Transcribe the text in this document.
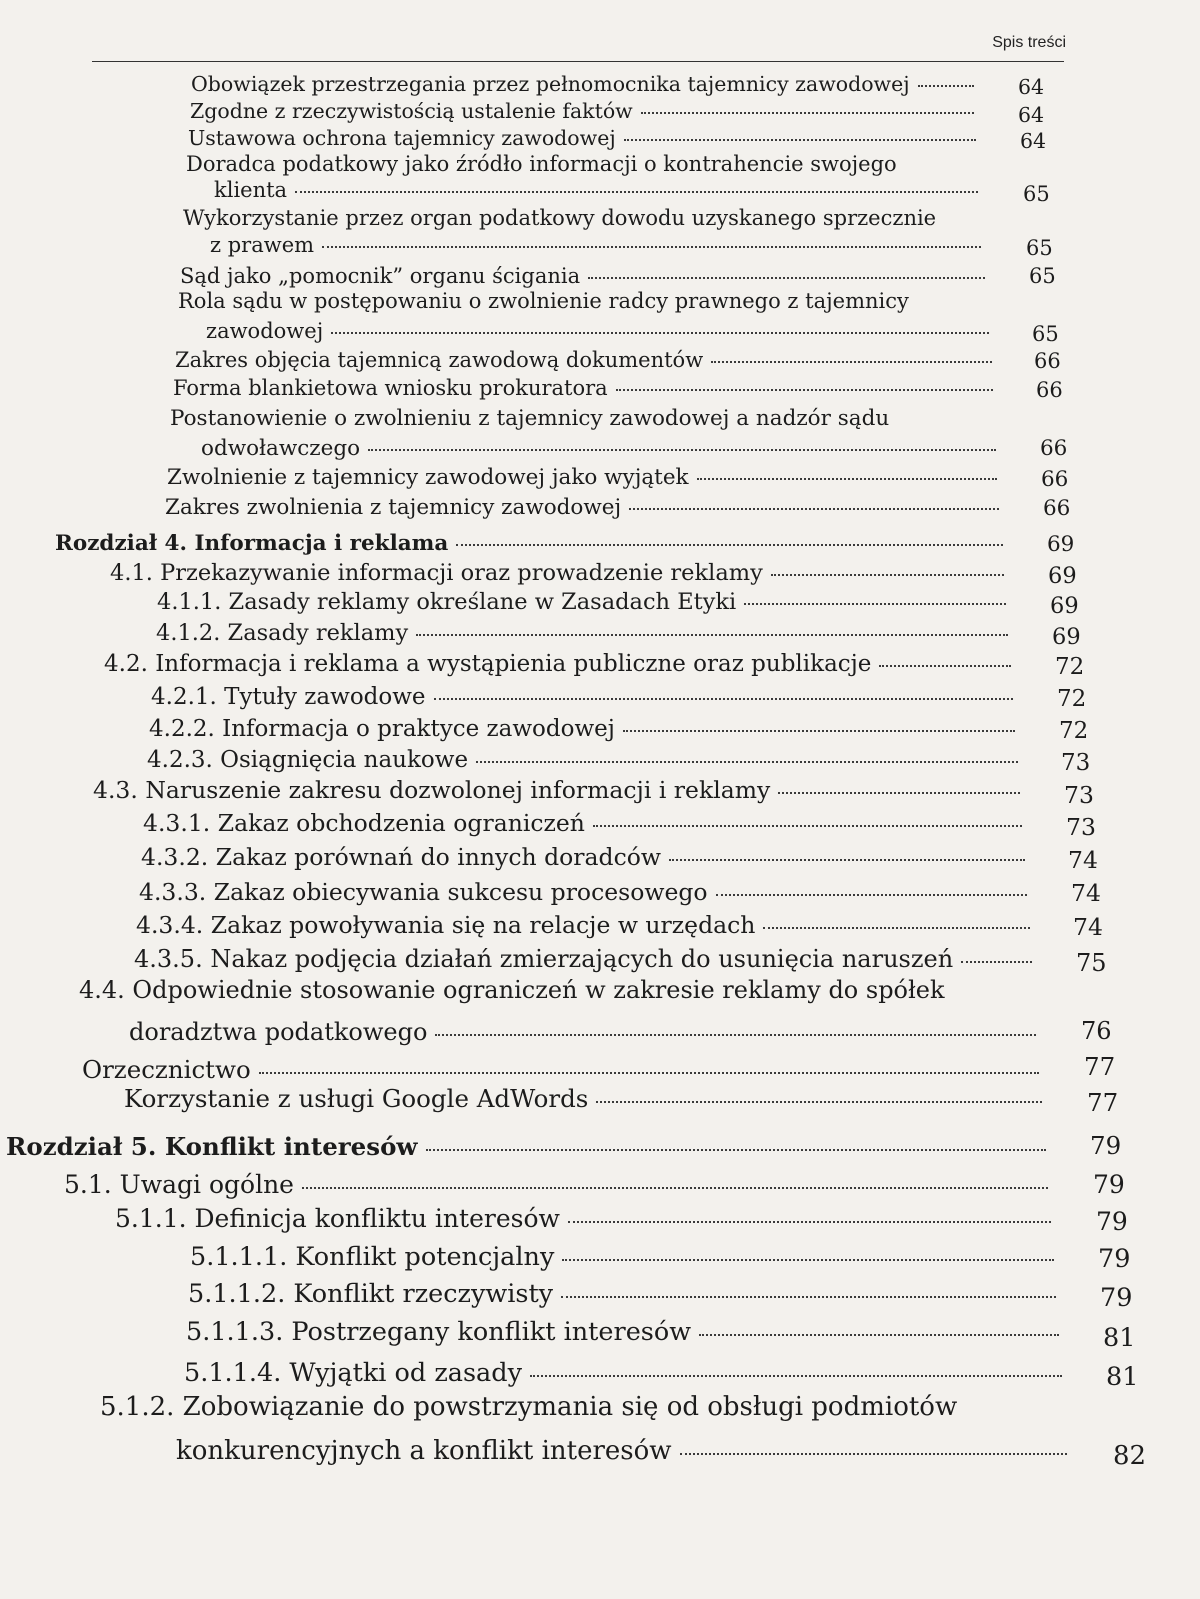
Spis treści
Obowiązek przestrzegania przez pełnomocnika tajemnicy zawodowej	64
Zgodne z rzeczywistością ustalenie faktów	64
Ustawowa ochrona tajemnicy zawodowej	64
Doradca podatkowy jako źródło informacji o kontrahencie swojego
klienta	65
Wykorzystanie przez organ podatkowy dowodu uzyskanego sprzecznie
z prawem	65
Sąd jako „pomocnik” organu ścigania	65
Rola sądu w postępowaniu o zwolnienie radcy prawnego z tajemnicy
zawodowej	65
Zakres objęcia tajemnicą zawodową dokumentów	66
Forma blankietowa wniosku prokuratora	66
Postanowienie o zwolnieniu z tajemnicy zawodowej a nadzór sądu
odwoławczego	66
Zwolnienie z tajemnicy zawodowej jako wyjątek	66
Zakres zwolnienia z tajemnicy zawodowej	66
Rozdział 4. Informacja i reklama	69
4.1. Przekazywanie informacji oraz prowadzenie reklamy	69
4.1.1. Zasady reklamy określane w Zasadach Etyki	69
4.1.2. Zasady reklamy	69
4.2. Informacja i reklama a wystąpienia publiczne oraz publikacje	72
4.2.1. Tytuły zawodowe	72
4.2.2. Informacja o praktyce zawodowej	72
4.2.3. Osiągnięcia naukowe	73
4.3. Naruszenie zakresu dozwolonej informacji i reklamy	73
4.3.1. Zakaz obchodzenia ograniczeń	73
4.3.2. Zakaz porównań do innych doradców	74
4.3.3. Zakaz obiecywania sukcesu procesowego	74
4.3.4. Zakaz powoływania się na relacje w urzędach	74
4.3.5. Nakaz podjęcia działań zmierzających do usunięcia naruszeń	75
4.4. Odpowiednie stosowanie ograniczeń w zakresie reklamy do spółek
doradztwa podatkowego	76
Orzecznictwo	77
Korzystanie z usługi Google AdWords	77
Rozdział 5. Konflikt interesów	79
5.1. Uwagi ogólne	79
5.1.1. Definicja konfliktu interesów	79
5.1.1.1. Konflikt potencjalny	79
5.1.1.2. Konflikt rzeczywisty	79
5.1.1.3. Postrzegany konflikt interesów	81
5.1.1.4. Wyjątki od zasady	81
5.1.2. Zobowiązanie do powstrzymania się od obsługi podmiotów
konkurencyjnych a konflikt interesów	82
